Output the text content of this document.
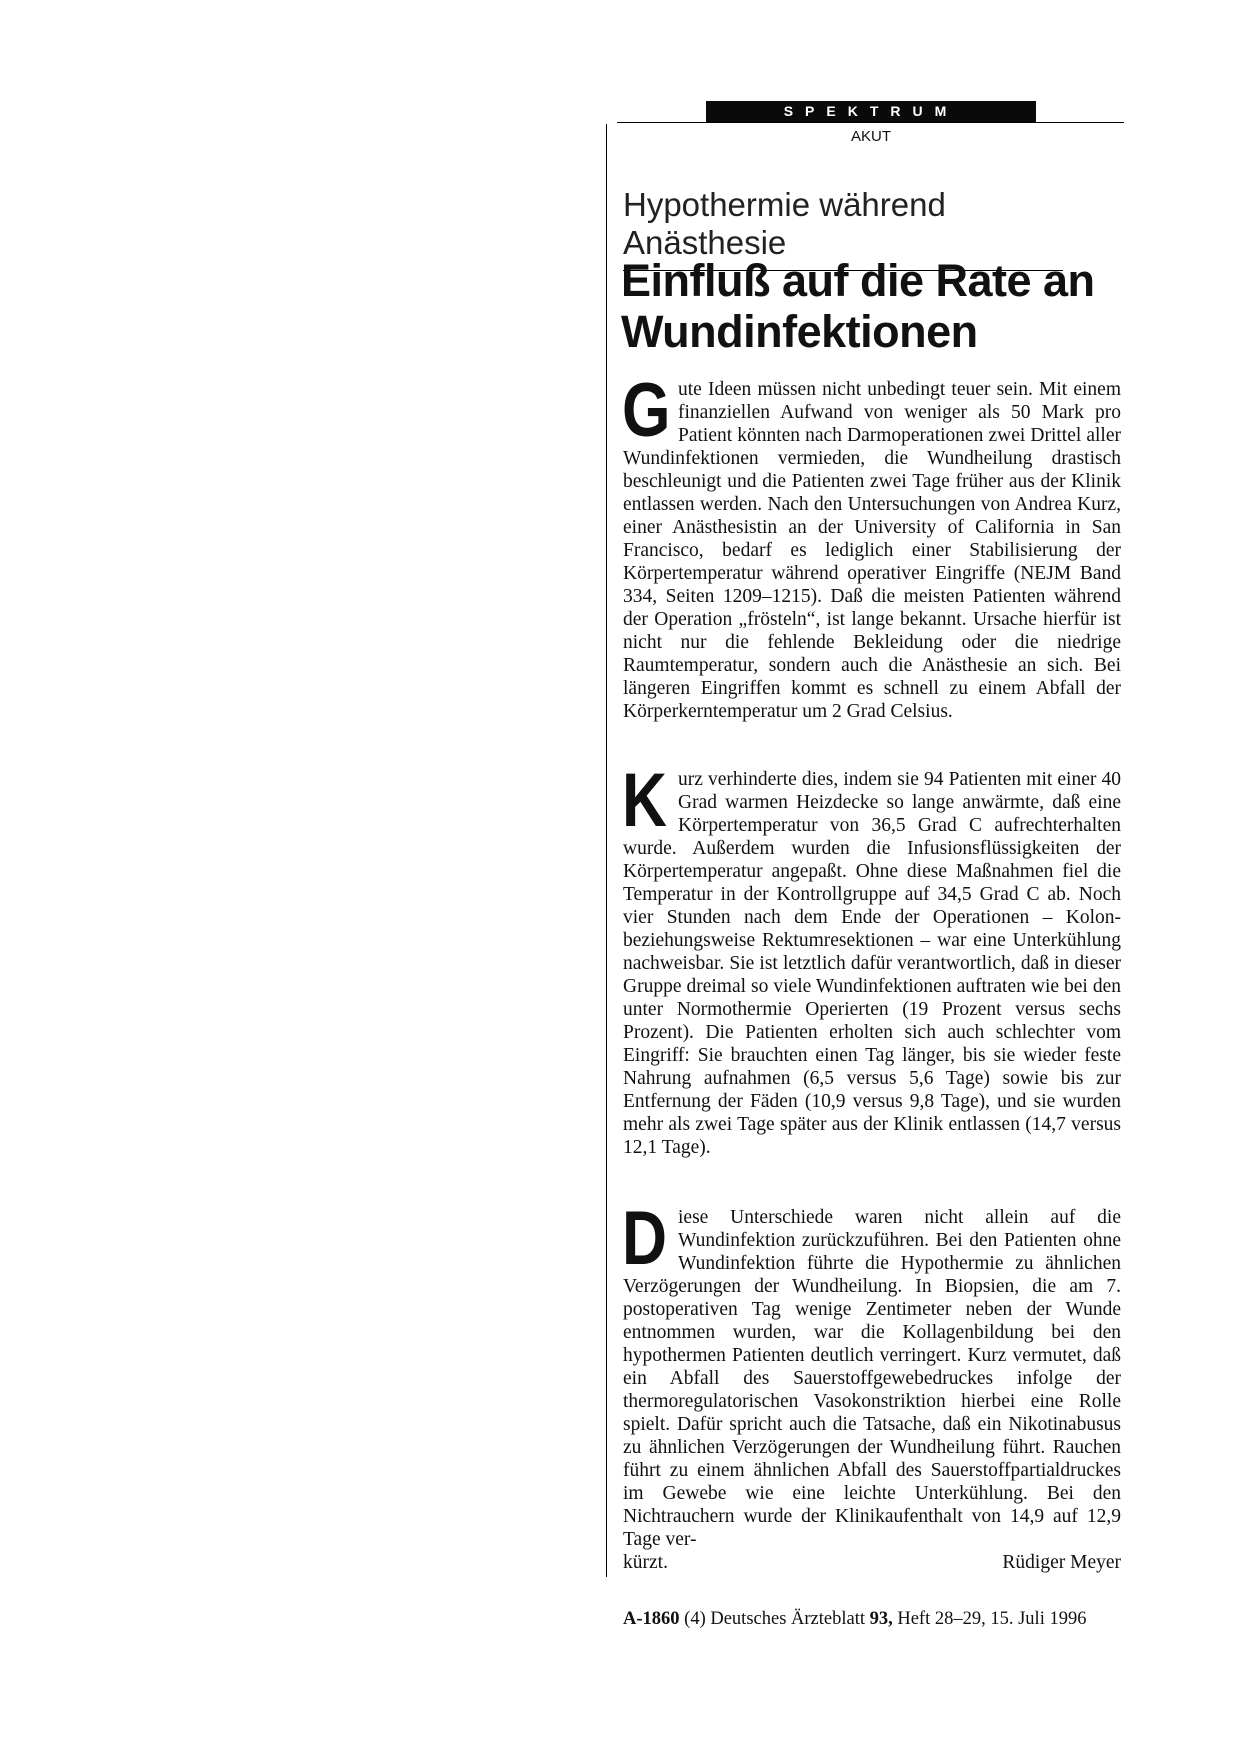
SPEKTRUM
AKUT
Hypothermie während Anästhesie
Einfluß auf die Rate an Wundinfektionen

Gute Ideen müssen nicht unbedingt teuer sein. Mit einem finanziellen Aufwand von weniger als 50 Mark pro Patient könnten nach Darmoperationen zwei Drittel aller Wundinfektionen vermieden, die Wundheilung drastisch beschleunigt und die Patienten zwei Tage früher aus der Klinik entlassen werden. Nach den Untersuchungen von Andrea Kurz, einer Anästhesistin an der University of California in San Francisco, bedarf es lediglich einer Stabilisierung der Körpertemperatur während operativer Eingriffe (NEJM Band 334, Seiten 1209–1215). Daß die meisten Patienten während der Operation „frösteln“, ist lange bekannt. Ursache hierfür ist nicht nur die fehlende Bekleidung oder die niedrige Raumtemperatur, sondern auch die Anästhesie an sich. Bei längeren Eingriffen kommt es schnell zu einem Abfall der Körperkerntemperatur um 2 Grad Celsius.

Kurz verhinderte dies, indem sie 94 Patienten mit einer 40 Grad warmen Heizdecke so lange anwärmte, daß eine Körpertemperatur von 36,5 Grad C aufrechterhalten wurde. Außerdem wurden die Infusionsflüssigkeiten der Körpertemperatur angepaßt. Ohne diese Maßnahmen fiel die Temperatur in der Kontrollgruppe auf 34,5 Grad C ab. Noch vier Stunden nach dem Ende der Operationen – Kolon- beziehungsweise Rektumresektionen – war eine Unterkühlung nachweisbar. Sie ist letztlich dafür verantwortlich, daß in dieser Gruppe dreimal so viele Wundinfektionen auftraten wie bei den unter Normothermie Operierten (19 Prozent versus sechs Prozent). Die Patienten erholten sich auch schlechter vom Eingriff: Sie brauchten einen Tag länger, bis sie wieder feste Nahrung aufnahmen (6,5 versus 5,6 Tage) sowie bis zur Entfernung der Fäden (10,9 versus 9,8 Tage), und sie wurden mehr als zwei Tage später aus der Klinik entlassen (14,7 versus 12,1 Tage).

Diese Unterschiede waren nicht allein auf die Wundinfektion zurückzuführen. Bei den Patienten ohne Wundinfektion führte die Hypothermie zu ähnlichen Verzögerungen der Wundheilung. In Biopsien, die am 7. postoperativen Tag wenige Zentimeter neben der Wunde entnommen wurden, war die Kollagenbildung bei den hypothermen Patienten deutlich verringert. Kurz vermutet, daß ein Abfall des Sauerstoffgewebedruckes infolge der thermoregulatorischen Vasokonstriktion hierbei eine Rolle spielt. Dafür spricht auch die Tatsache, daß ein Nikotinabusus zu ähnlichen Verzögerungen der Wundheilung führt. Rauchen führt zu einem ähnlichen Abfall des Sauerstoffpartialdruckes im Gewebe wie eine leichte Unterkühlung. Bei den Nichtrauchern wurde der Klinikaufenthalt von 14,9 auf 12,9 Tage ver-

kürzt.	Rüdiger Meyer
A-1860 (4) Deutsches Ärzteblatt 93, Heft 28–29, 15. Juli 1996
